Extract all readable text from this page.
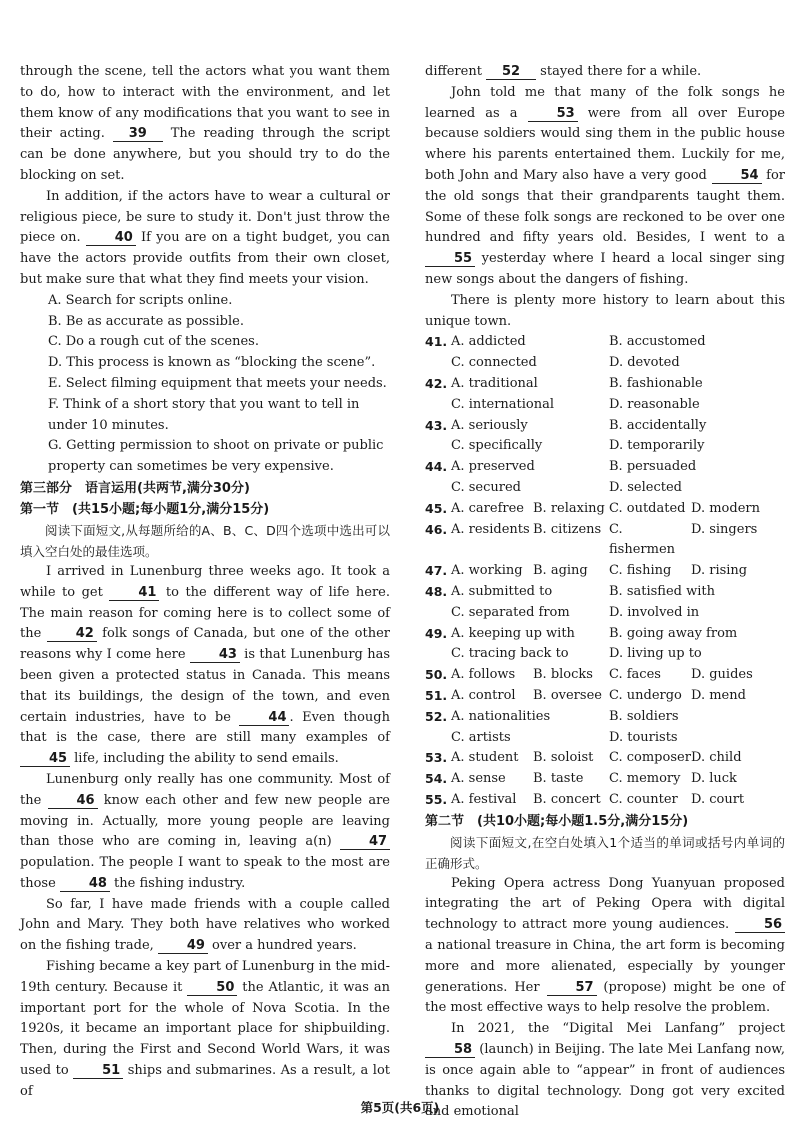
through the scene, tell the actors what you want them to do, how to interact with the environment, and let them know of any modifications that you want to see in their acting. 39 The reading through the script can be done anywhere, but you should try to do the blocking on set.

In addition, if the actors have to wear a cultural or religious piece, be sure to study it. Don't just throw the piece on. 40 If you are on a tight budget, you can have the actors provide outfits from their own closet, but make sure that what they find meets your vision.

A. Search for scripts online.
B. Be as accurate as possible.
C. Do a rough cut of the scenes.
D. This process is known as “blocking the scene”.
E. Select filming equipment that meets your needs.
F. Think of a short story that you want to tell in under 10 minutes.
G. Getting permission to shoot on private or public property can sometimes be very expensive.
第三部分　语言运用(共两节,满分30分)
第一节　(共15小题;每小题1分,满分15分)

阅读下面短文,从每题所给的A、B、C、D四个选项中选出可以填入空白处的最佳选项。

I arrived in Lunenburg three weeks ago. It took a while to get 41 to the different way of life here. The main reason for coming here is to collect some of the 42 folk songs of Canada, but one of the other reasons why I come here 43 is that Lunenburg has been given a protected status in Canada. This means that its buildings, the design of the town, and even certain industries, have to be 44 . Even though that is the case, there are still many examples of 45 life, including the ability to send emails.

Lunenburg only really has one community. Most of the 46 know each other and few new people are moving in. Actually, more young people are leaving than those who are coming in, leaving a(n) 47 population. The people I want to speak to the most are those 48 the fishing industry.

So far, I have made friends with a couple called John and Mary. They both have relatives who worked on the fishing trade, 49 over a hundred years.

Fishing became a key part of Lunenburg in the mid-19th century. Because it 50 the Atlantic, it was an important port for the whole of Nova Scotia. In the 1920s, it became an important place for shipbuilding. Then, during the First and Second World Wars, it was used to 51 ships and submarines. As a result, a lot of

different 52 stayed there for a while.

John told me that many of the folk songs he learned as a 53 were from all over Europe because soldiers would sing them in the public house where his parents entertained them. Luckily for me, both John and Mary also have a very good 54 for the old songs that their grandparents taught them. Some of these folk songs are reckoned to be over one hundred and fifty years old. Besides, I went to a 55 yesterday where I heard a local singer sing new songs about the dangers of fishing.

There is plenty more history to learn about this unique town.

41. A. addicted	B. accustomed
C. connected	D. devoted
42. A. traditional	B. fashionable
C. international	D. reasonable
43. A. seriously	B. accidentally
C. specifically	D. temporarily
44. A. preserved	B. persuaded
C. secured	D. selected
45. A. carefree B. relaxing C. outdated D. modern
46. A. residents B. citizens C. fishermen
D. singers
47. A. working B. aging	C. fishing	D. rising
48. A. submitted to	B. satisfied with
C. separated from	D. involved in
49. A. keeping up with	B. going away from
C. tracing back to	D. living up to
50. A. follows	B. blocks	C. faces	D. guides
51. A. control	B. oversee C. undergo D. mend
52. A. nationalities	B. soldiers
C. artists	D. tourists
53. A. student	B. soloist	C. composer D. child
54. A. sense	B. taste	C. memory D. luck
55. A. festival	B. concert C. counter	D. court
第二节　(共10小题;每小题1.5分,满分15分)

阅读下面短文,在空白处填入1个适当的单词或括号内单词的正确形式。

Peking Opera actress Dong Yuanyuan proposed integrating the art of Peking Opera with digital technology to attract more young audiences. 56 a national treasure in China, the art form is becoming more and more alienated, especially by younger generations. Her 57 (propose) might be one of the most effective ways to help resolve the problem.

In 2021, the “Digital Mei Lanfang” project 58 (launch) in Beijing. The late Mei Lanfang now, is once again able to “appear” in front of audiences thanks to digital technology. Dong got very excited and emotional

第5页(共6页)
